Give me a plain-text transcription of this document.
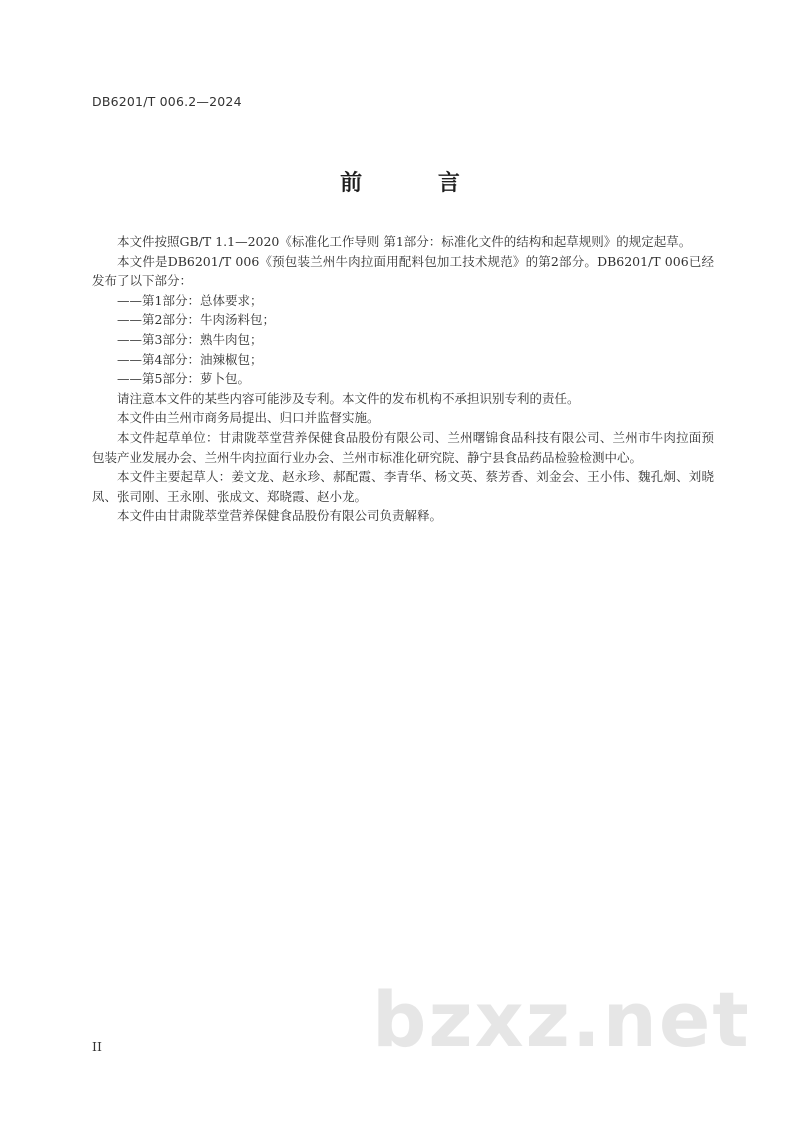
DB6201/T 006.2—2024
前 言

本文件按照GB/T 1.1—2020《标准化工作导则 第1部分：标准化文件的结构和起草规则》的规定起草。

本文件是DB6201/T 006《预包装兰州牛肉拉面用配料包加工技术规范》的第2部分。DB6201/T 006已经发布了以下部分：

——第1部分：总体要求；

——第2部分：牛肉汤料包；

——第3部分：熟牛肉包；

——第4部分：油辣椒包；

——第5部分：萝卜包。

请注意本文件的某些内容可能涉及专利。本文件的发布机构不承担识别专利的责任。

本文件由兰州市商务局提出、归口并监督实施。

本文件起草单位：甘肃陇萃堂营养保健食品股份有限公司、兰州曙锦食品科技有限公司、兰州市牛肉拉面预包装产业发展办会、兰州牛肉拉面行业办会、兰州市标准化研究院、静宁县食品药品检验检测中心。

本文件主要起草人：姜文龙、赵永珍、郝配霞、李青华、杨文英、蔡芳香、刘金会、王小伟、魏孔炯、刘晓凤、张司刚、王永刚、张成文、郑晓霞、赵小龙。

本文件由甘肃陇萃堂营养保健食品股份有限公司负责解释。

bzxz.net
II
